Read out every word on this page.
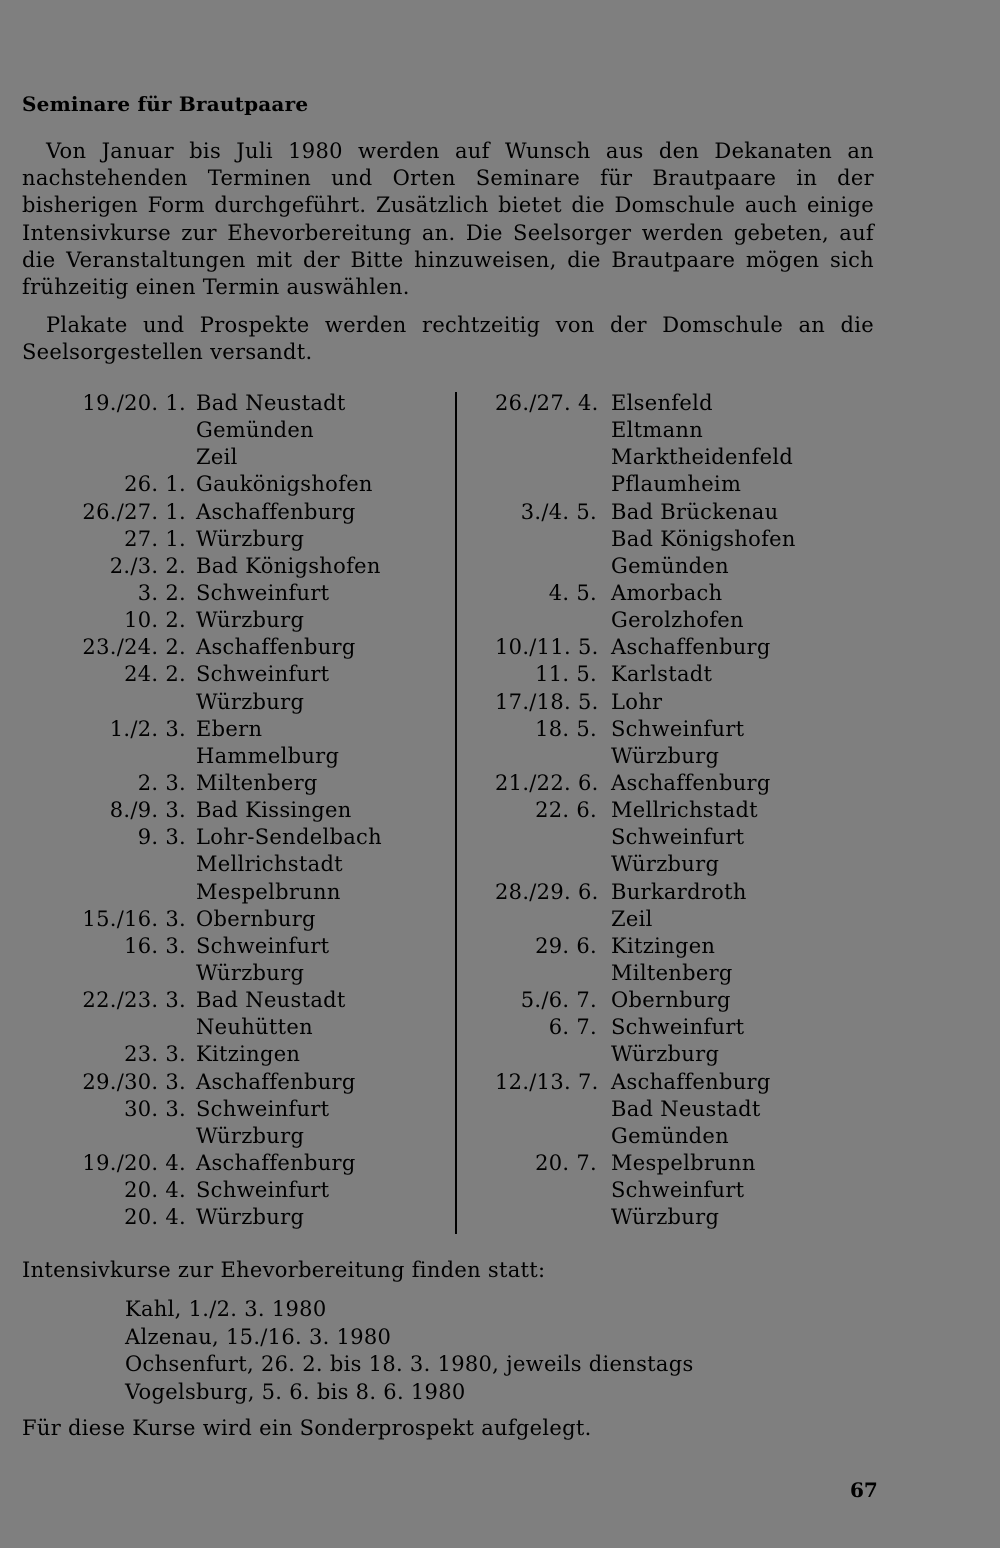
Seminare für Brautpaare

Von Januar bis Juli 1980 werden auf Wunsch aus den Dekanaten an nachstehenden Terminen und Orten Seminare für Brautpaare in der bisherigen Form durchgeführt. Zusätzlich bietet die Domschule auch einige Intensivkurse zur Ehevorbereitung an. Die Seelsorger werden gebeten, auf die Veranstaltungen mit der Bitte hinzuweisen, die Brautpaare mögen sich frühzeitig einen Termin auswählen.

Plakate und Prospekte werden rechtzeitig von der Domschule an die Seelsorgestellen versandt.

19./20. 1. Bad Neustadt
Gemünden
Zeil
26. 1. Gaukönigshofen
26./27. 1. Aschaffenburg
27. 1. Würzburg
2./3. 2. Bad Königshofen
3. 2. Schweinfurt
10. 2. Würzburg
23./24. 2. Aschaffenburg
24. 2. Schweinfurt
Würzburg
1./2. 3. Ebern
Hammelburg
2. 3. Miltenberg
8./9. 3. Bad Kissingen
9. 3. Lohr-Sendelbach
Mellrichstadt
Mespelbrunn
15./16. 3. Obernburg
16. 3. Schweinfurt
Würzburg
22./23. 3. Bad Neustadt
Neuhütten
23. 3. Kitzingen
29./30. 3. Aschaffenburg
30. 3. Schweinfurt
Würzburg
19./20. 4. Aschaffenburg
20. 4. Schweinfurt
20. 4. Würzburg
26./27. 4. Elsenfeld
Eltmann
Marktheidenfeld
Pflaumheim
3./4. 5. Bad Brückenau
Bad Königshofen
Gemünden
4. 5. Amorbach
Gerolzhofen
10./11. 5. Aschaffenburg
11. 5. Karlstadt
17./18. 5. Lohr
18. 5. Schweinfurt
Würzburg
21./22. 6. Aschaffenburg
22. 6. Mellrichstadt
Schweinfurt
Würzburg
28./29. 6. Burkardroth
Zeil
29. 6. Kitzingen
Miltenberg
5./6. 7. Obernburg
6. 7. Schweinfurt
Würzburg
12./13. 7. Aschaffenburg
Bad Neustadt
Gemünden
20. 7. Mespelbrunn
Schweinfurt
Würzburg
Intensivkurse zur Ehevorbereitung finden statt:
Kahl, 1./2. 3. 1980
Alzenau, 15./16. 3. 1980
Ochsenfurt, 26. 2. bis 18. 3. 1980, jeweils dienstags
Vogelsburg, 5. 6. bis 8. 6. 1980
Für diese Kurse wird ein Sonderprospekt aufgelegt.
67
